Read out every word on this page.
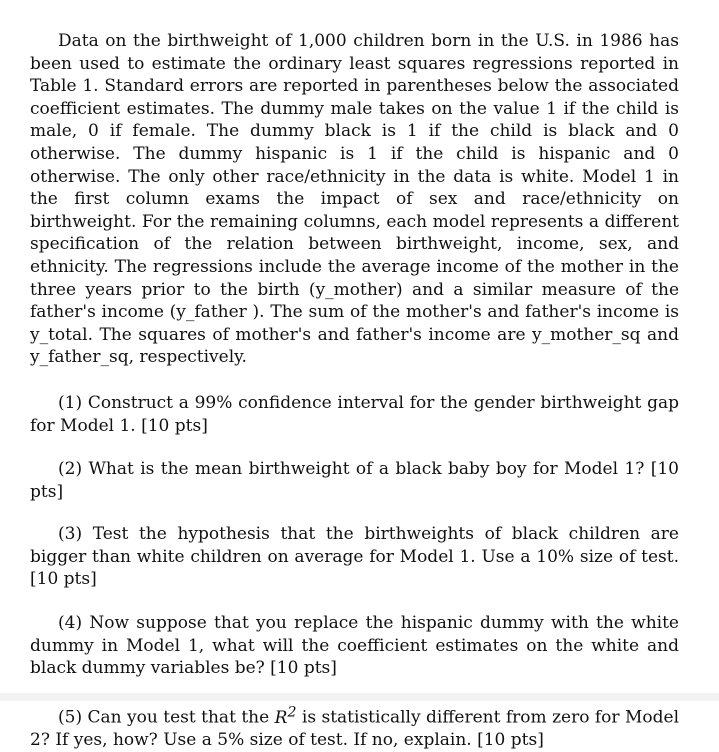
Data on the birthweight of 1,000 children born in the U.S. in 1986 has been used to estimate the ordinary least squares regressions reported in Table 1. Standard errors are reported in parentheses below the associated coefficient estimates. The dummy male takes on the value 1 if the child is male, 0 if female. The dummy black is 1 if the child is black and 0 otherwise. The dummy hispanic is 1 if the child is hispanic and 0 otherwise. The only other race/ethnicity in the data is white. Model 1 in the first column exams the impact of sex and race/ethnicity on birthweight. For the remaining columns, each model represents a different specification of the relation between birthweight, income, sex, and ethnicity. The regressions include the average income of the mother in the three years prior to the birth (y_mother) and a similar measure of the father's income (y_father ). The sum of the mother's and father's income is y_total. The squares of mother's and father's income are y_mother_sq and y_father_sq, respectively.

(1) Construct a 99% confidence interval for the gender birthweight gap for Model 1. [10 pts]

(2) What is the mean birthweight of a black baby boy for Model 1? [10 pts]

(3) Test the hypothesis that the birthweights of black children are bigger than white children on average for Model 1. Use a 10% size of test. [10 pts]

(4) Now suppose that you replace the hispanic dummy with the white dummy in Model 1, what will the coefficient estimates on the white and black dummy variables be? [10 pts]

(5) Can you test that the $R^2$ is statistically different from zero for Model 2? If yes, how? Use a 5% size of test. If no, explain. [10 pts]
